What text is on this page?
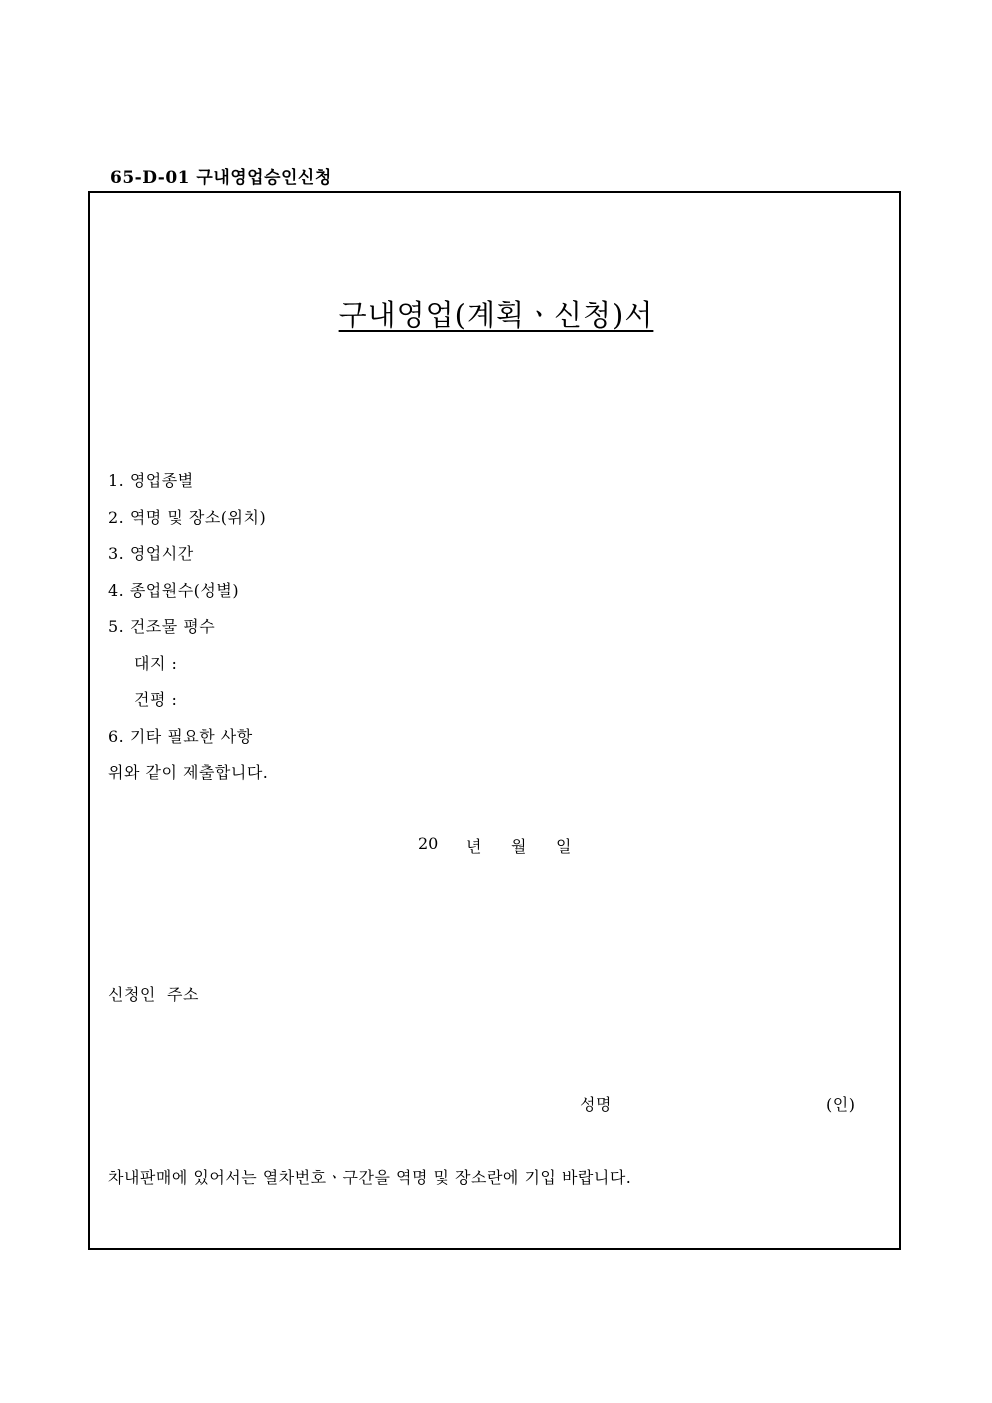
65-D-01 구내영업승인신청
구내영업(계획ㆍ신청)서
1. 영업종별
2. 역명 및 장소(위치)
3. 영업시간
4. 종업원수(성별)
5. 건조물 평수
대지 :
건평 :
6. 기타 필요한 사항
위와 같이 제출합니다.
20 년 월 일
신청인  주소
성명	(인)
차내판매에 있어서는 열차번호ㆍ구간을 역명 및 장소란에 기입 바랍니다.
